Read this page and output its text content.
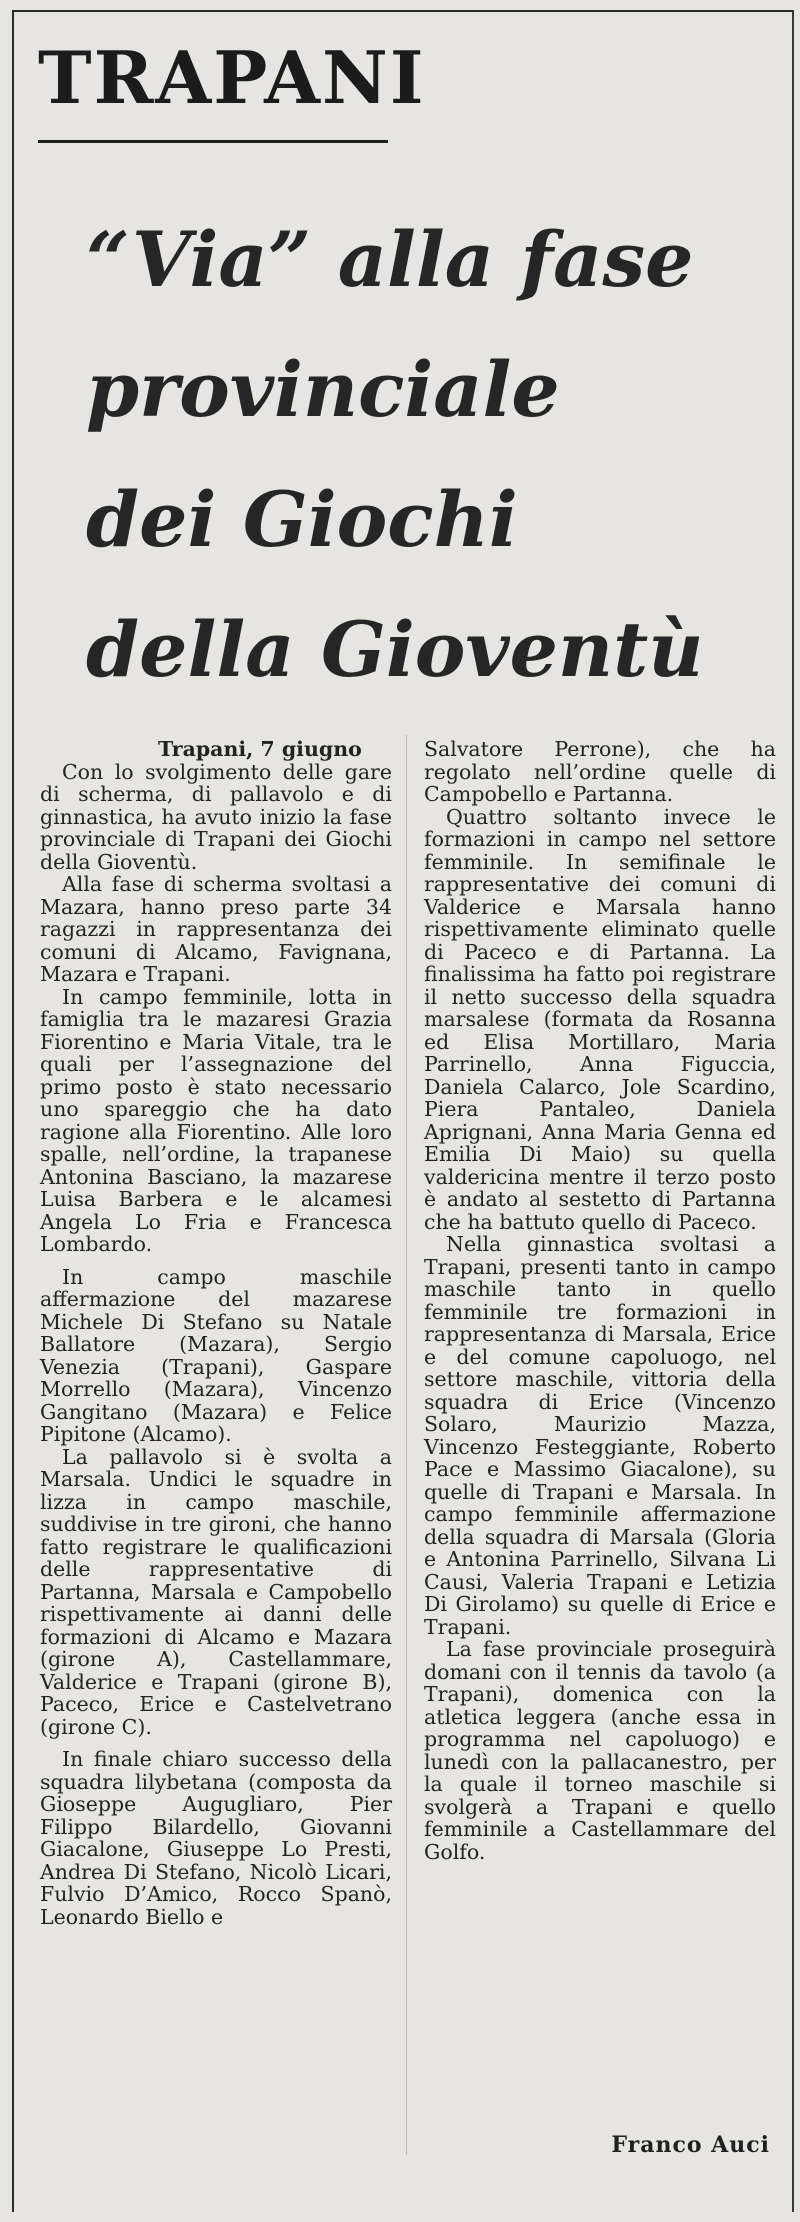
TRAPANI
“Via” alla fase
provinciale
dei Giochi
della Gioventù

Trapani, 7 giugno

Con lo svolgimento delle gare di scherma, di pallavolo e di ginnastica, ha avuto inizio la fase provinciale di Trapani dei Giochi della Gioventù.

Alla fase di scherma svoltasi a Mazara, hanno preso parte 34 ragazzi in rappresentanza dei comuni di Alcamo, Favignana, Mazara e Trapani.

In campo femminile, lotta in famiglia tra le mazaresi Grazia Fiorentino e Maria Vitale, tra le quali per l’assegnazione del primo posto è stato necessario uno spareggio che ha dato ragione alla Fiorentino. Alle loro spalle, nell’ordine, la trapanese Antonina Basciano, la mazarese Luisa Barbera e le alcamesi Angela Lo Fria e Francesca Lombardo.

In campo maschile affermazione del mazarese Michele Di Stefano su Natale Ballatore (Mazara), Sergio Venezia (Trapani), Gaspare Morrello (Mazara), Vincenzo Gangitano (Mazara) e Felice Pipitone (Alcamo).

La pallavolo si è svolta a Marsala. Undici le squadre in lizza in campo maschile, suddivise in tre gironi, che hanno fatto registrare le qualificazioni delle rappresentative di Partanna, Marsala e Campobello rispettivamente ai danni delle formazioni di Alcamo e Mazara (girone A), Castellammare, Valderice e Trapani (girone B), Paceco, Erice e Castelvetrano (girone C).

In finale chiaro successo della squadra lilybetana (composta da Gioseppe Augugliaro, Pier Filippo Bilardello, Giovanni Giacalone, Giuseppe Lo Presti, Andrea Di Stefano, Nicolò Licari, Fulvio D’Amico, Rocco Spanò, Leonardo Biello e

Salvatore Perrone), che ha regolato nell’ordine quelle di Campobello e Partanna.

Quattro soltanto invece le formazioni in campo nel settore femminile. In semifinale le rappresentative dei comuni di Valderice e Marsala hanno rispettivamente eliminato quelle di Paceco e di Partanna. La finalissima ha fatto poi registrare il netto successo della squadra marsalese (formata da Rosanna ed Elisa Mortillaro, Maria Parrinello, Anna Figuccia, Daniela Calarco, Jole Scardino, Piera Pantaleo, Daniela Aprignani, Anna Maria Genna ed Emilia Di Maio) su quella valdericina mentre il terzo posto è andato al sestetto di Partanna che ha battuto quello di Paceco.

Nella ginnastica svoltasi a Trapani, presenti tanto in campo maschile tanto in quello femminile tre formazioni in rappresentanza di Marsala, Erice e del comune capoluogo, nel settore maschile, vittoria della squadra di Erice (Vincenzo Solaro, Maurizio Mazza, Vincenzo Festeggiante, Roberto Pace e Massimo Giacalone), su quelle di Trapani e Marsala. In campo femminile affermazione della squadra di Marsala (Gloria e Antonina Parrinello, Silvana Li Causi, Valeria Trapani e Letizia Di Girolamo) su quelle di Erice e Trapani.

La fase provinciale proseguirà domani con il tennis da tavolo (a Trapani), domenica con la atletica leggera (anche essa in programma nel capoluogo) e lunedì con la pallacanestro, per la quale il torneo maschile si svolgerà a Trapani e quello femminile a Castellammare del Golfo.

Franco Auci
